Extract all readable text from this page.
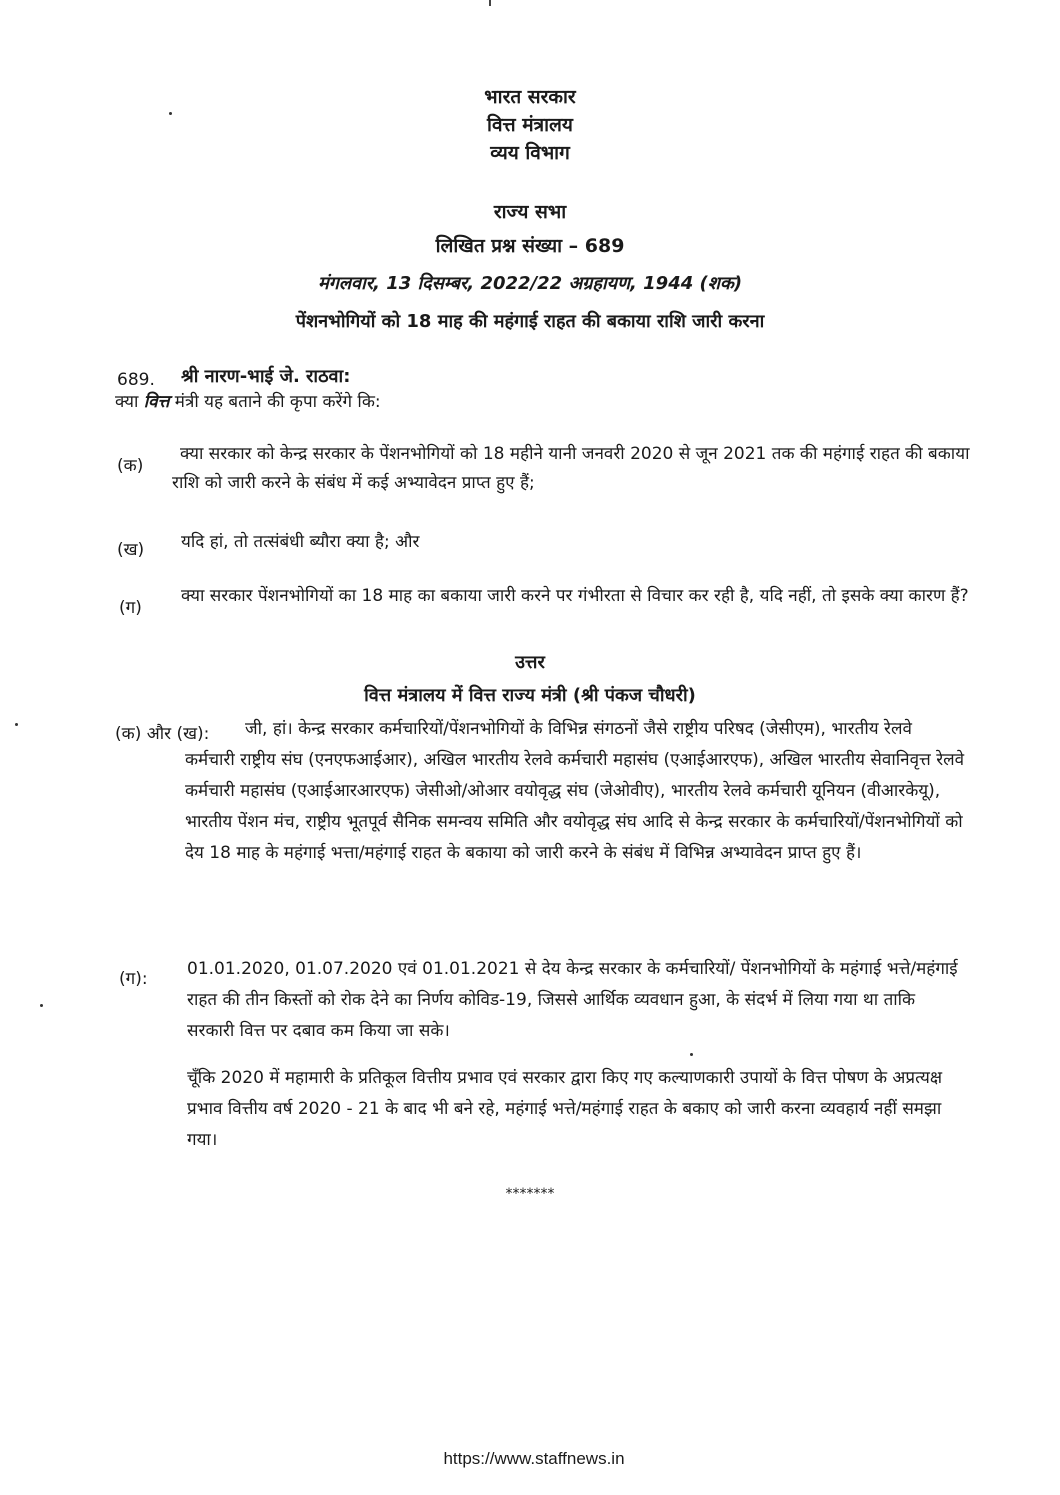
भारत सरकार
वित्त मंत्रालय
व्यय विभाग
राज्य सभा
लिखित प्रश्न संख्या – 689
मंगलवार, 13 दिसम्बर, 2022/22 अग्रहायण, 1944 (शक)
पेंशनभोगियों को 18 माह की महंगाई राहत की बकाया राशि जारी करना
689. श्री नारण-भाई जे. राठवा:
क्या वित्त मंत्री यह बताने की कृपा करेंगे कि:
(क)
क्या सरकार को केन्द्र सरकार के पेंशनभोगियों को 18 महीने यानी जनवरी 2020 से जून 2021 तक की महंगाई राहत की बकाया राशि को जारी करने के संबंध में कई अभ्यावेदन प्राप्त हुए हैं;
(ख) यदि हां, तो तत्संबंधी ब्यौरा क्या है; और
(ग)
क्या सरकार पेंशनभोगियों का 18 माह का बकाया जारी करने पर गंभीरता से विचार कर रही है, यदि नहीं, तो इसके क्या कारण हैं?
उत्तर
वित्त मंत्रालय में वित्त राज्य मंत्री (श्री पंकज चौधरी)
(क) और (ख):	जी, हां। केन्द्र सरकार कर्मचारियों/पेंशनभोगियों के विभिन्न संगठनों जैसे राष्ट्रीय परिषद (जेसीएम), भारतीय रेलवे कर्मचारी राष्ट्रीय संघ (एनएफआईआर), अखिल भारतीय रेलवे कर्मचारी महासंघ (एआईआरएफ), अखिल भारतीय सेवानिवृत्त रेलवे कर्मचारी महासंघ (एआईआरआरएफ) जेसीओ/ओआर वयोवृद्ध संघ (जेओवीए), भारतीय रेलवे कर्मचारी यूनियन (वीआरकेयू), भारतीय पेंशन मंच, राष्ट्रीय भूतपूर्व सैनिक समन्वय समिति और वयोवृद्ध संघ आदि से केन्द्र सरकार के कर्मचारियों/पेंशनभोगियों को देय 18 माह के महंगाई भत्ता/महंगाई राहत के बकाया को जारी करने के संबंध में विभिन्न अभ्यावेदन प्राप्त हुए हैं।
(ग): 01.01.2020, 01.07.2020 एवं 01.01.2021 से देय केन्द्र सरकार के कर्मचारियों/ पेंशनभोगियों के महंगाई भत्ते/महंगाई राहत की तीन किस्तों को रोक देने का निर्णय कोविड-19, जिससे आर्थिक व्यवधान हुआ, के संदर्भ में लिया गया था ताकि सरकारी वित्त पर दबाव कम किया जा सके।
चूँकि 2020 में महामारी के प्रतिकूल वित्तीय प्रभाव एवं सरकार द्वारा किए गए कल्याणकारी उपायों के वित्त पोषण के अप्रत्यक्ष प्रभाव वित्तीय वर्ष 2020 - 21 के बाद भी बने रहे, महंगाई भत्ते/महंगाई राहत के बकाए को जारी करना व्यवहार्य नहीं समझा गया।
*******
https://www.staffnews.in
